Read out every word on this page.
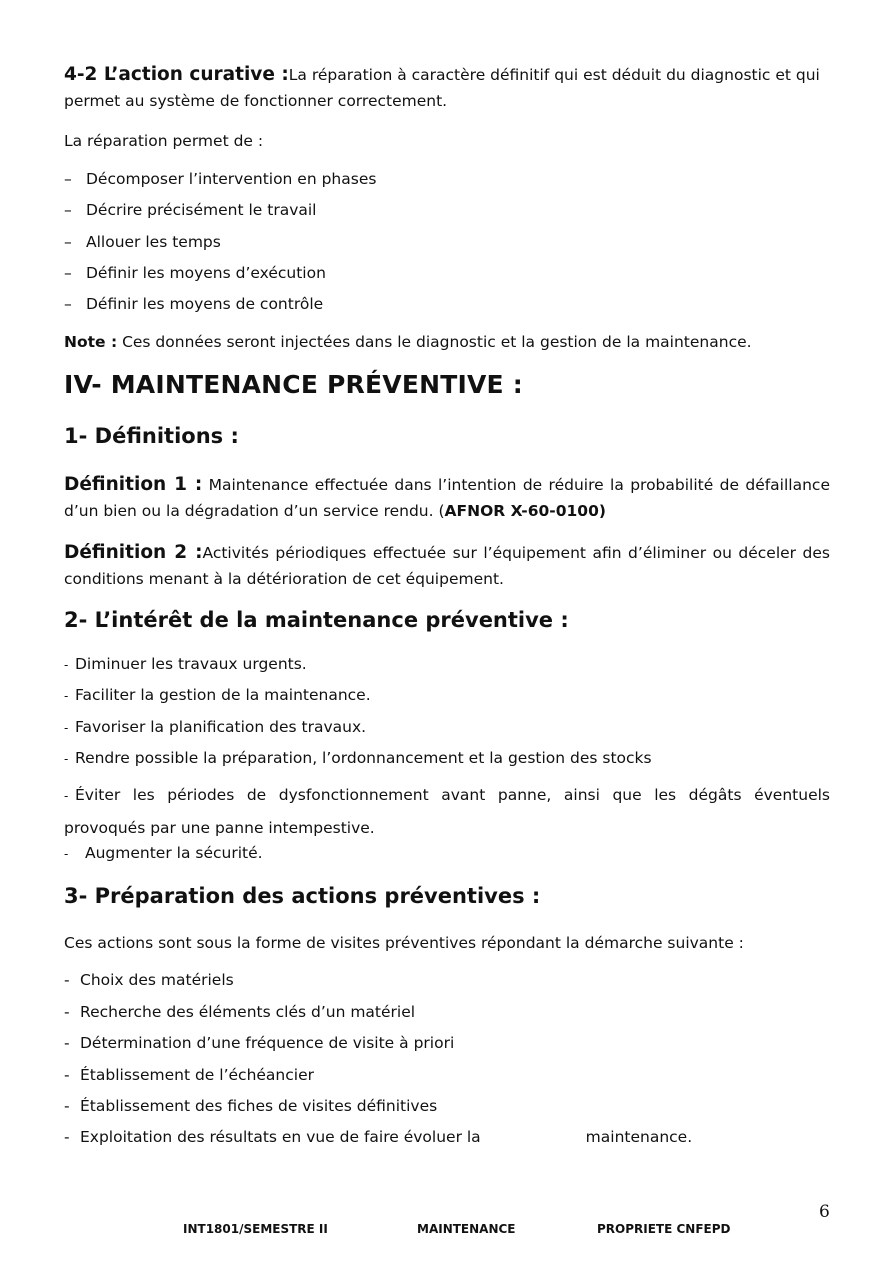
4-2 L’action curative :La réparation à caractère définitif qui est déduit du diagnostic et qui permet au système de fonctionner correctement.
La réparation permet de :
– Décomposer l’intervention en phases
– Décrire précisément le travail
– Allouer les temps
– Définir les moyens d’exécution
– Définir les moyens de contrôle
Note : Ces données seront injectées dans le diagnostic et la gestion de la maintenance.
IV- MAINTENANCE PRÉVENTIVE :
1- Définitions :
Définition 1 : Maintenance effectuée dans l’intention de réduire la probabilité de défaillance d’un bien ou la dégradation d’un service rendu. (AFNOR X-60-0100)
Définition 2 :Activités périodiques effectuée sur l’équipement afin d’éliminer ou déceler des conditions menant à la détérioration de cet équipement.
2- L’intérêt de la maintenance préventive :
- Diminuer les travaux urgents.
- Faciliter la gestion de la maintenance.
- Favoriser la planification des travaux.
- Rendre possible la préparation, l’ordonnancement et la gestion des stocks
- Éviter les périodes de dysfonctionnement avant panne, ainsi que les dégâts éventuels provoqués par une panne intempestive.
- Augmenter la sécurité.
3- Préparation des actions préventives :
Ces actions sont sous la forme de visites préventives répondant la démarche suivante :
- Choix des matériels
- Recherche des éléments clés d’un matériel
- Détermination d’une fréquence de visite à priori
- Établissement de l’échéancier
- Établissement des fiches de visites définitives
- Exploitation des résultats en vue de faire évoluer la	maintenance.
6
INT1801/SEMESTRE II	MAINTENANCE	PROPRIETE CNFEPD
